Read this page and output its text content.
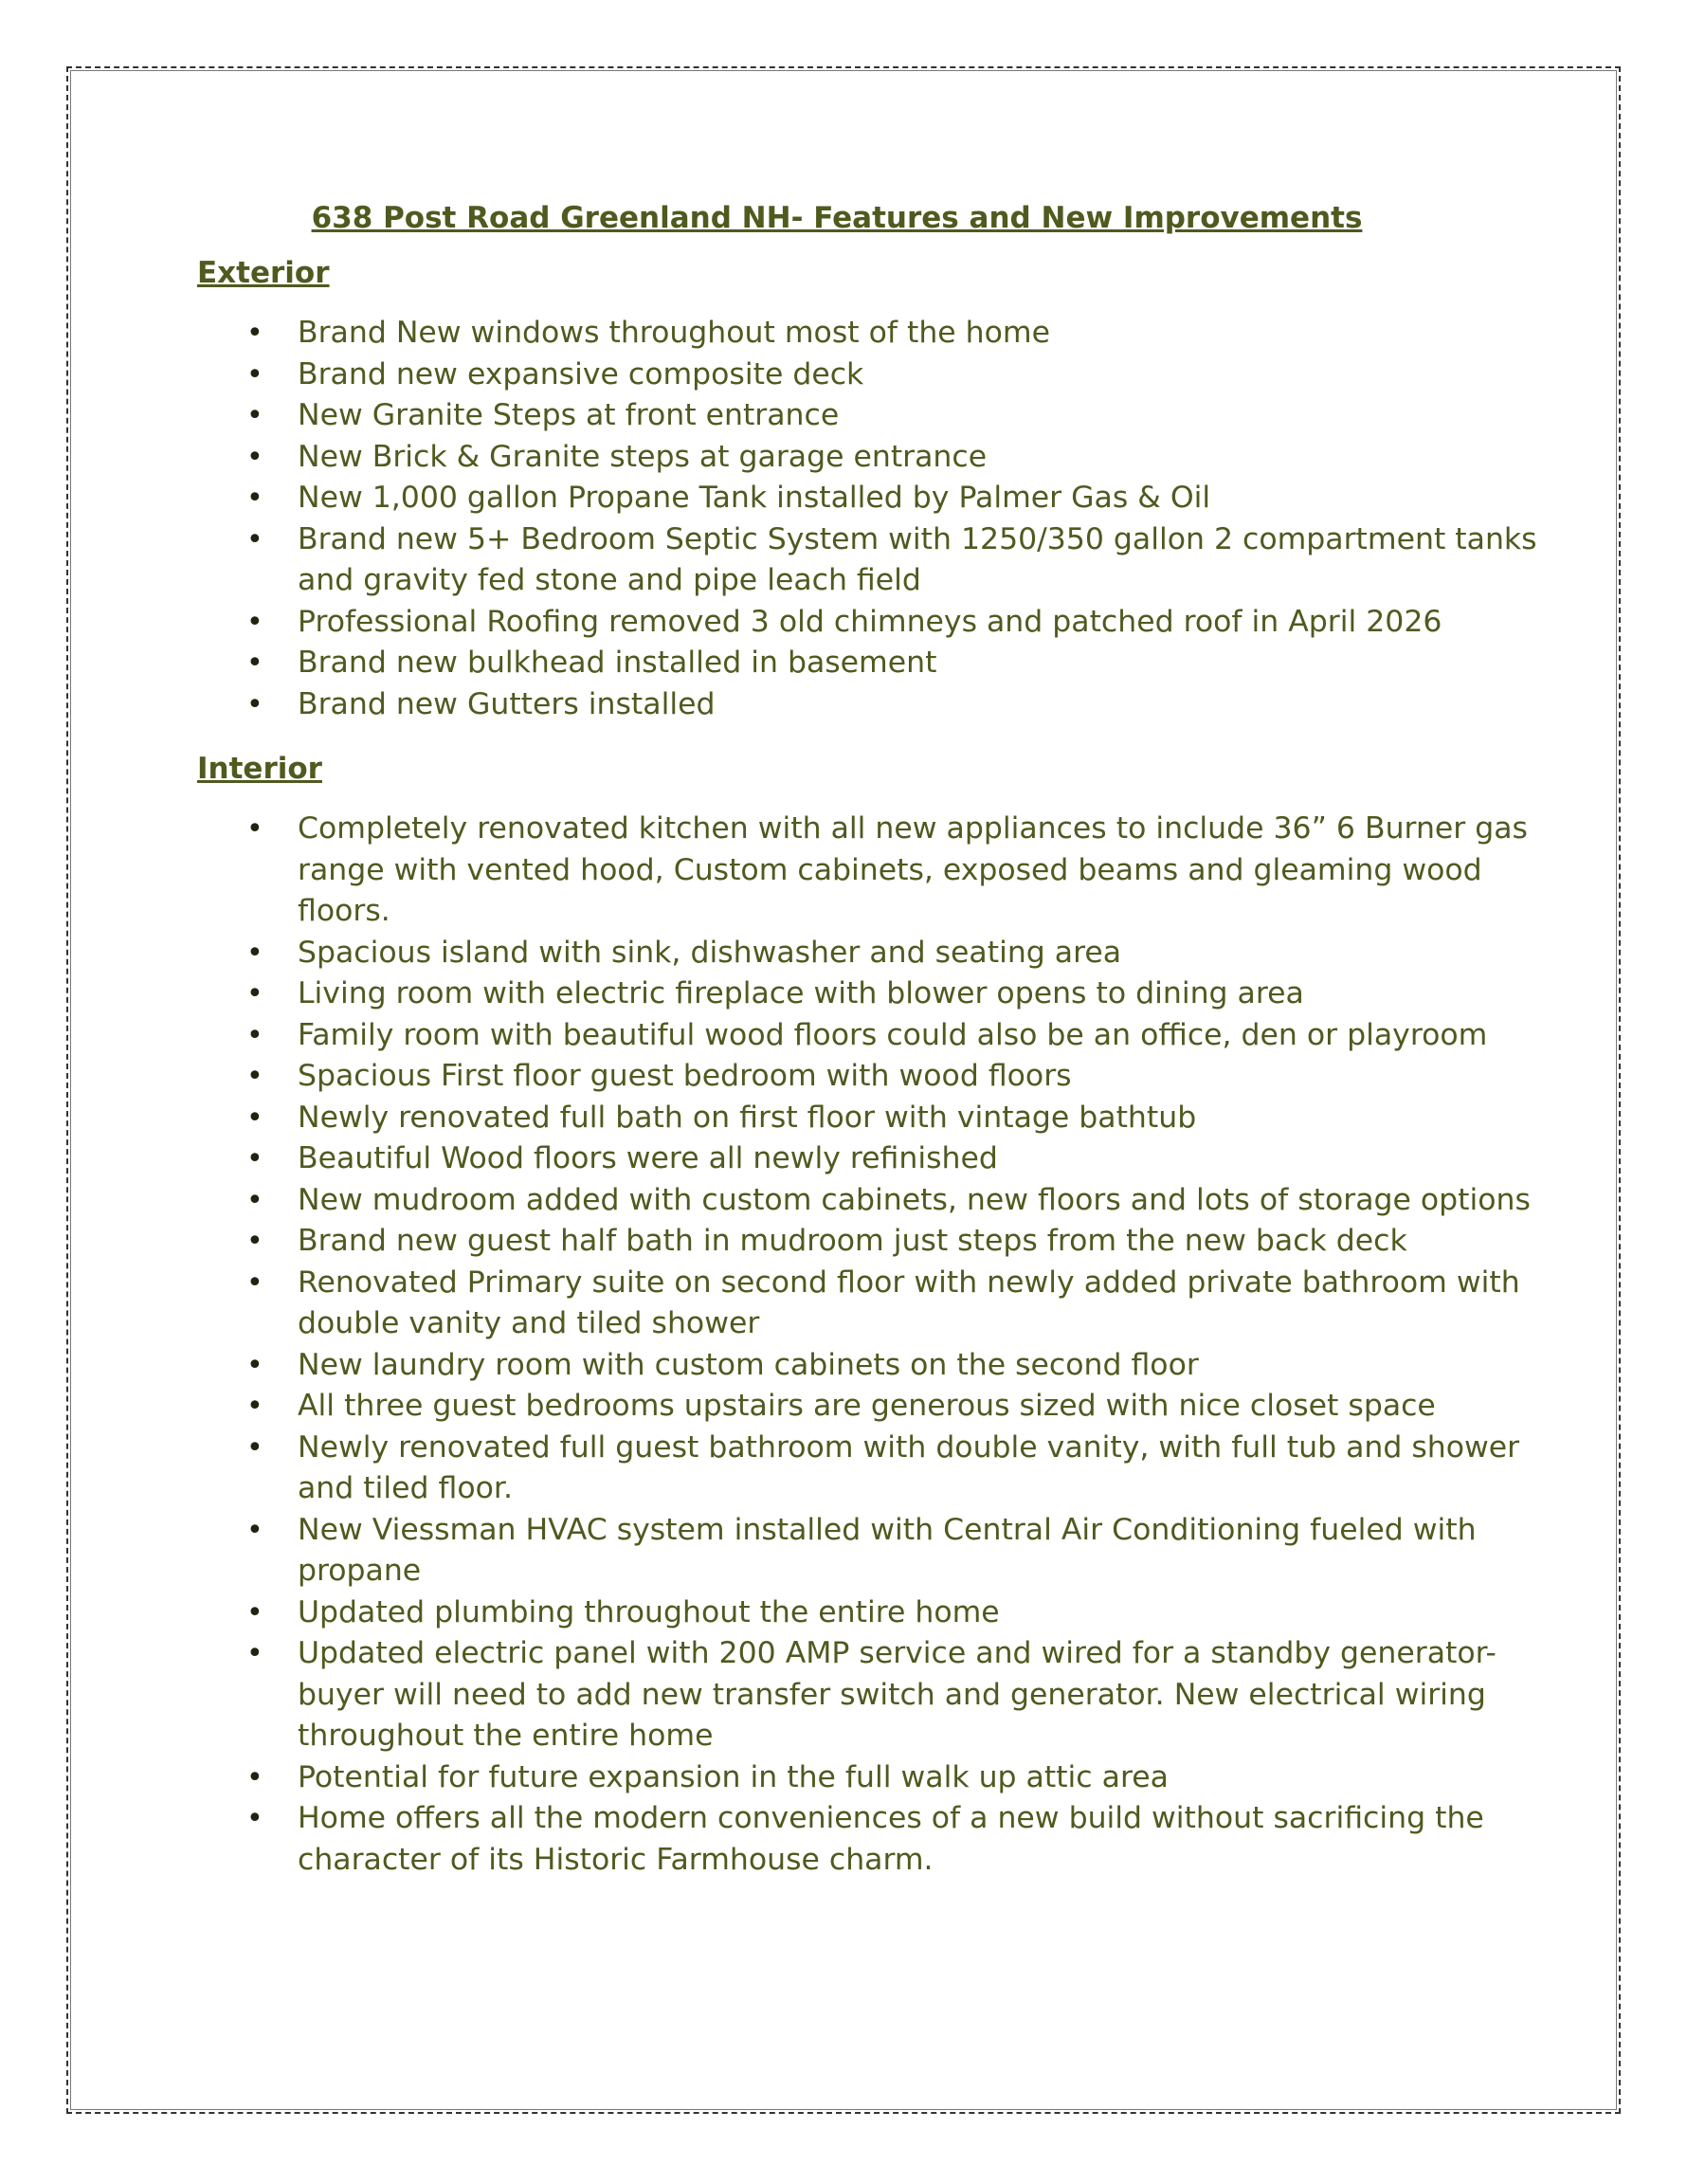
638 Post Road Greenland NH- Features and New Improvements
Exterior
• Brand New windows throughout most of the home
• Brand new expansive composite deck
• New Granite Steps at front entrance
• New Brick & Granite steps at garage entrance
• New 1,000 gallon Propane Tank installed by Palmer Gas & Oil
• Brand new 5+ Bedroom Septic System with 1250/350 gallon 2 compartment tanks and gravity fed stone and pipe leach field
• Professional Roofing removed 3 old chimneys and patched roof in April 2026
• Brand new bulkhead installed in basement
• Brand new Gutters installed
Interior
• Completely renovated kitchen with all new appliances to include 36” 6 Burner gas range with vented hood, Custom cabinets, exposed beams and gleaming wood floors.
• Spacious island with sink, dishwasher and seating area
• Living room with electric fireplace with blower opens to dining area
• Family room with beautiful wood floors could also be an office, den or playroom
• Spacious First floor guest bedroom with wood floors
• Newly renovated full bath on first floor with vintage bathtub
• Beautiful Wood floors were all newly refinished
• New mudroom added with custom cabinets, new floors and lots of storage options
• Brand new guest half bath in mudroom just steps from the new back deck
• Renovated Primary suite on second floor with newly added private bathroom with double vanity and tiled shower
• New laundry room with custom cabinets on the second floor
• All three guest bedrooms upstairs are generous sized with nice closet space
• Newly renovated full guest bathroom with double vanity, with full tub and shower and tiled floor.
• New Viessman HVAC system installed with Central Air Conditioning fueled with propane
• Updated plumbing throughout the entire home
• Updated electric panel with 200 AMP service and wired for a standby generator- buyer will need to add new transfer switch and generator. New electrical wiring throughout the entire home
• Potential for future expansion in the full walk up attic area
• Home offers all the modern conveniences of a new build without sacrificing the character of its Historic Farmhouse charm.
